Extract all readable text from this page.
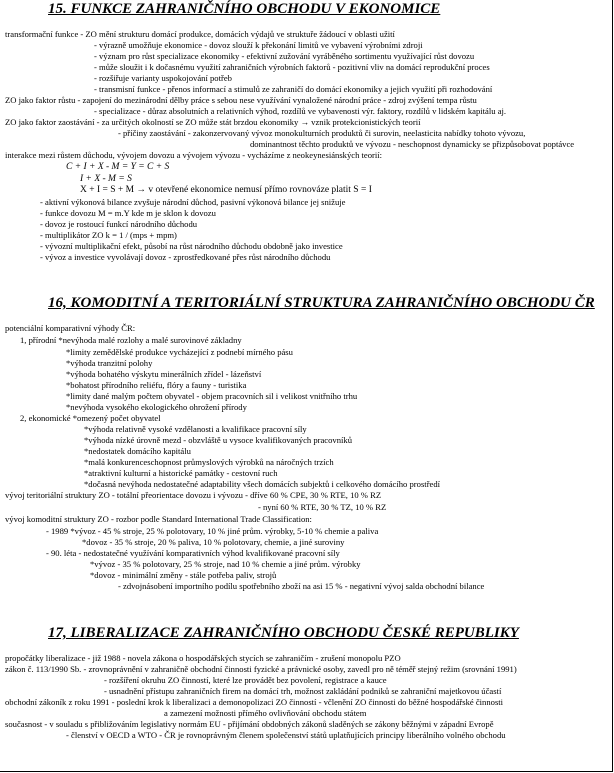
15. FUNKCE ZAHRANIČNÍHO OBCHODU V EKONOMICE
transformační funkce - ZO mění strukturu domácí produkce, domácích výdajů ve struktuře žádoucí v oblasti užití
- výrazně umožňuje ekonomice - dovoz slouží k překonání limitů ve vybavení výrobními zdroji
- význam pro růst specializace ekonomiky - efektivní zužování vyráběného sortimentu využívající růst dovozu
- může sloužit i k dočasnému využití zahraničních výrobních faktorů - pozitivní vliv na domácí reprodukční proces
- rozšiřuje varianty uspokojování potřeb
- transmisní funkce - přenos informací a stimulů ze zahraničí do domácí ekonomiky a jejich využití při rozhodování
ZO jako faktor růstu - zapojení do mezinárodní dělby práce s sebou nese využívání vynaložené národní práce - zdroj zvýšení tempa růstu
- specializace - důraz absolutních a relativních výhod, rozdílů ve vybavenosti výr. faktory, rozdílů v lidském kapitálu aj.
ZO jako faktor zaostávání - za určitých okolností se ZO může stát brzdou ekonomiky → vznik protekcionistických teorií
- příčiny zaostávání - zakonzervovaný vývoz monokulturních produktů či surovin, neelasticita nabídky tohoto vývozu,
dominantnost těchto produktů ve vývozu - neschopnost dynamicky se přizpůsobovat poptávce
interakce mezi růstem důchodu, vývojem dovozu a vývojem vývozu - vycházíme z neokeynesiánských teorií:
C + I + X - M = Y = C + S
I + X - M = S
X + I = S + M → v otevřené ekonomice nemusí přímo rovnováze platit S = I
- aktivní výkonová bilance zvyšuje národní důchod, pasivní výkonová bilance jej snižuje
- funkce dovozu M = m.Y kde m je sklon k dovozu
- dovoz je rostoucí funkcí národního důchodu
- multiplikátor ZO k = 1 / (mps + mpm)
- vývozní multiplikační efekt, působí na růst národního důchodu obdobně jako investice
- vývoz a investice vyvolávají dovoz - zprostředkované přes růst národního důchodu
16, KOMODITNÍ A TERITORIÁLNÍ STRUKTURA ZAHRANIČNÍHO OBCHODU ČR
potenciální komparativní výhody ČR:
1, přírodní *nevýhoda malé rozlohy a malé surovinové základny
*limity zemědělské produkce vycházející z podnebí mírného pásu
*výhoda tranzitní polohy
*výhoda bohatého výskytu minerálních zřídel - lázeňství
*bohatost přírodního reliéfu, flóry a fauny - turistika
*limity dané malým počtem obyvatel - objem pracovních sil i velikost vnitřního trhu
*nevýhoda vysokého ekologického ohrožení přírody
2, ekonomické *omezený počet obyvatel
*výhoda relativně vysoké vzdělanosti a kvalifikace pracovní síly
*výhoda nízké úrovně mezd - obzvláště u vysoce kvalifikovaných pracovníků
*nedostatek domácího kapitálu
*malá konkurenceschopnost průmyslových výrobků na náročných trzích
*atraktivní kulturní a historické památky - cestovní ruch
*dočasná nevýhoda nedostatečné adaptability všech domácích subjektů i celkového domácího prostředí
vývoj teritoriální struktury ZO - totální přeorientace dovozu i vývozu - dříve 60 % CPE, 30 % RTE, 10 % RZ
- nyní 60 % RTE, 30 % TZ, 10 % RZ
vývoj komoditní struktury ZO - rozbor podle Standard International Trade Classification:
- 1989 *vývoz - 45 % stroje, 25 % polotovary, 10 % jiné prům. výrobky, 5-10 % chemie a paliva
*dovoz - 35 % stroje, 20 % paliva, 10 % polotovary, chemie, a jiné suroviny
- 90. léta - nedostatečné využívání komparativních výhod kvalifikované pracovní síly
*vývoz - 35 % polotovary, 25 % stroje, nad 10 % chemie a jiné prům. výrobky
*dovoz - minimální změny - stále potřeba paliv, strojů
- zdvojnásobení importního podílu spotřebního zboží na asi 15 % - negativní vývoj salda obchodní bilance
17, LIBERALIZACE ZAHRANIČNÍHO OBCHODU ČESKÉ REPUBLIKY
propočátky liberalizace - již 1988 - novela zákona o hospodářských stycích se zahraničím - zrušení monopolu PZO
zákon č. 113/1990 Sb. - zrovnoprávnění v zahraničně obchodní činnosti fyzické a právnické osoby, zavedl pro ně téměř stejný režim (srovnání 1991)
- rozšíření okruhu ZO činností, které lze provádět bez povolení, registrace a kauce
- usnadnění přístupu zahraničních firem na domácí trh, možnost zakládání podniků se zahraniční majetkovou účastí
obchodní zákoník z roku 1991 - poslední krok k liberalizaci a demonopolizaci ZO činností - včlenění ZO činnosti do běžné hospodářské činnosti
a zamezení možnosti přímého ovlivňování obchodu státem
současnost - v souladu s přibližováním legislativy normám EU - přijímání obdobných zákonů sladěných se zákony běžnými v západní Evropě
- členství v OECD a WTO - ČR je rovnoprávným členem společenství států uplatňujících principy liberálního volného obchodu
